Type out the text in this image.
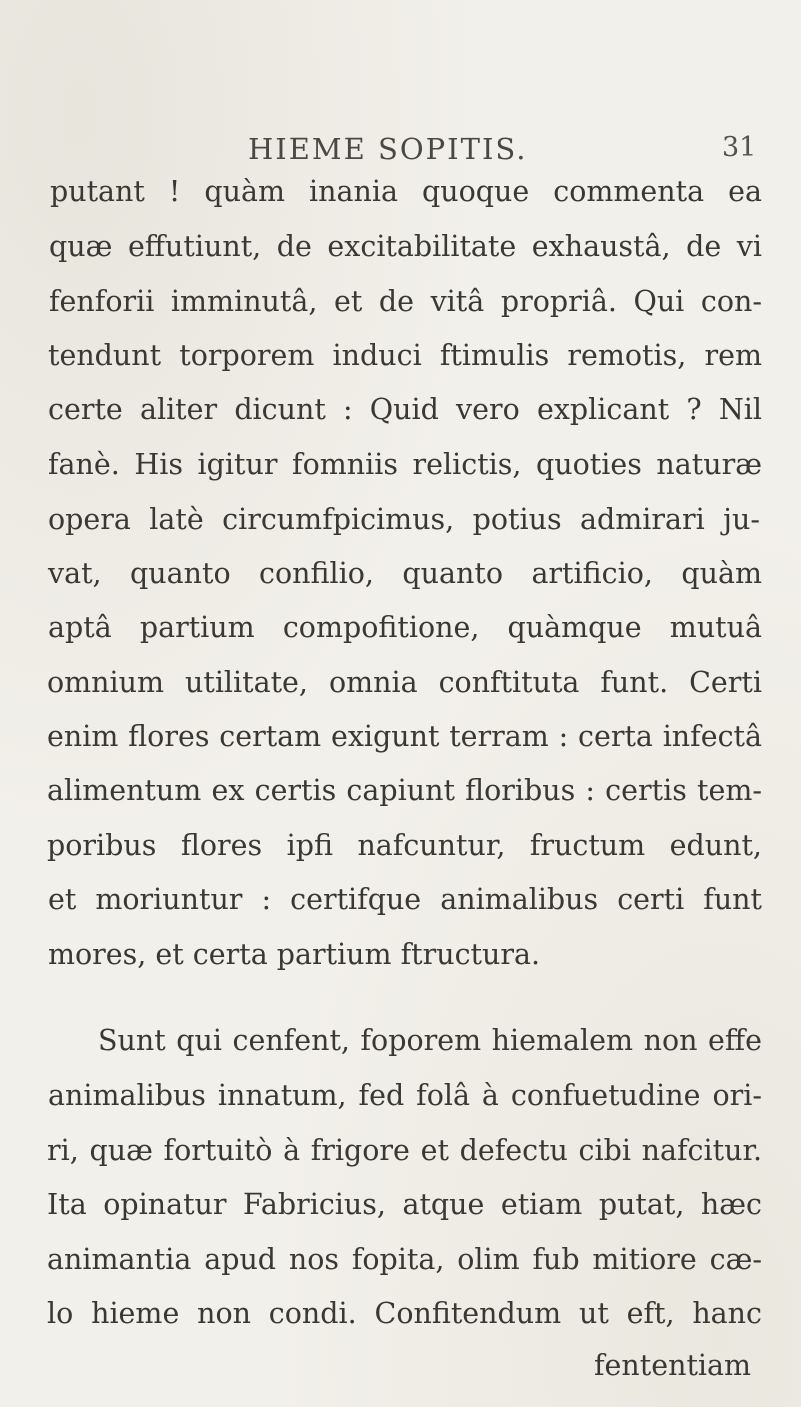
HIEME SOPITIS.	31
putant ! quàm inania quoque commenta ea
quæ effutiunt, de excitabilitate exhaustâ, de vi
fenforii imminutâ, et de vitâ propriâ. Qui con-
tendunt torporem induci ftimulis remotis, rem
certe aliter dicunt : Quid vero explicant ? Nil
fanè. His igitur fomniis relictis, quoties naturæ
opera latè circumfpicimus, potius admirari ju-
vat, quanto confilio, quanto artificio, quàm
aptâ partium compofitione, quàmque mutuâ
omnium utilitate, omnia conftituta funt. Certi
enim flores certam exigunt terram : certa infectâ
alimentum ex certis capiunt floribus : certis tem-
poribus flores ipfi nafcuntur, fructum edunt,
et moriuntur : certifque animalibus certi funt
mores, et certa partium ftructura.
Sunt qui cenfent, foporem hiemalem non effe
animalibus innatum, fed folâ à confuetudine ori-
ri, quæ fortuitò à frigore et defectu cibi nafcitur.
Ita opinatur Fabricius, atque etiam putat, hæc
animantia apud nos fopita, olim fub mitiore cæ-
lo hieme non condi. Confitendum ut eft, hanc
fententiam
